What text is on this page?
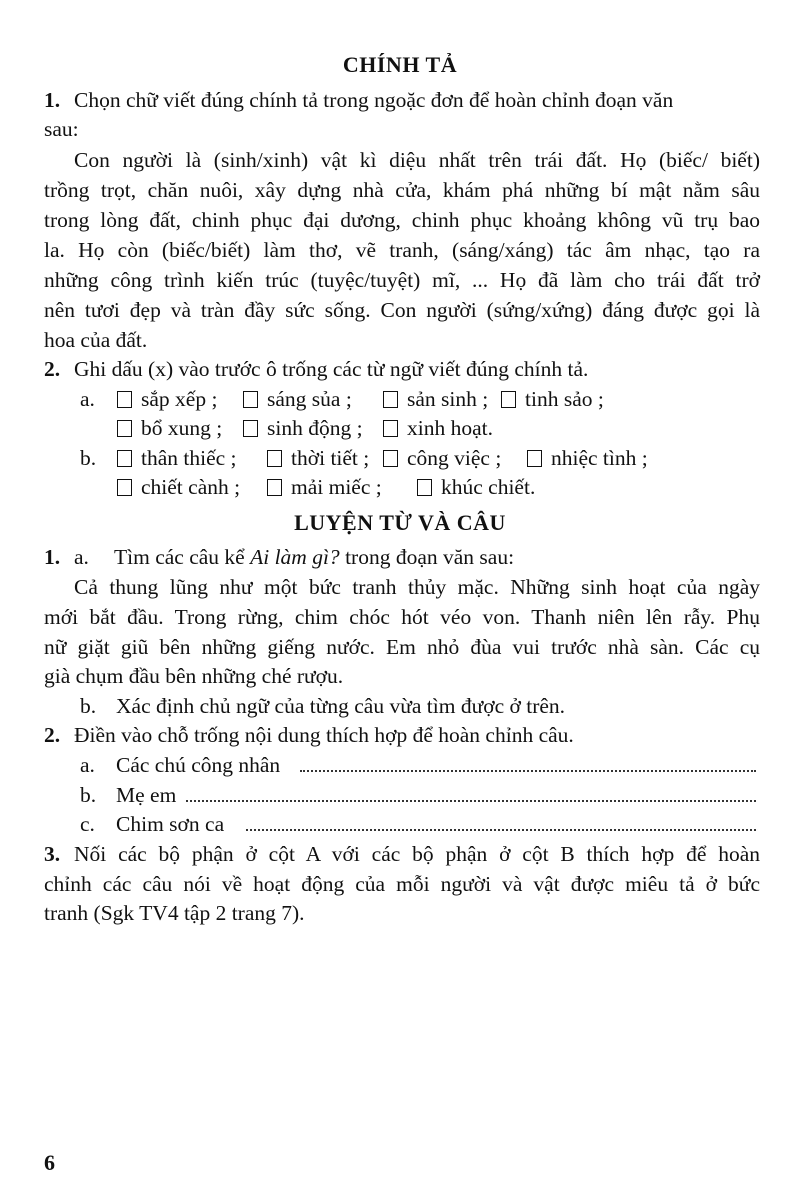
CHÍNH TẢ
1. Chọn chữ viết đúng chính tả trong ngoặc đơn để hoàn chỉnh đoạn văn
sau:
Con người là (sinh/xinh) vật kì diệu nhất trên trái đất. Họ (biếc/ biết)
trồng trọt, chăn nuôi, xây dựng nhà cửa, khám phá những bí mật nằm sâu
trong lòng đất, chinh phục đại dương, chinh phục khoảng không vũ trụ bao
la. Họ còn (biếc/biết) làm thơ, vẽ tranh, (sáng/xáng) tác âm nhạc, tạo ra
những công trình kiến trúc (tuyệc/tuyệt) mĩ, ... Họ đã làm cho trái đất trở
nên tươi đẹp và tràn đầy sức sống. Con người (sứng/xứng) đáng được gọi là
hoa của đất.
2. Ghi dấu (x) vào trước ô trống các từ ngữ viết đúng chính tả.
a.	sắp xếp ; sáng sủa ;	sản sinh ; tinh sảo ;
bổ xung ; sinh động ; xinh hoạt.
b.	thân thiếc ;	thời tiết ; công việc ; nhiệc tình ;
chiết cành ; mải miếc ;	khúc chiết.
LUYỆN TỪ VÀ CÂU
1. a. Tìm các câu kể Ai làm gì? trong đoạn văn sau:
Cả thung lũng như một bức tranh thủy mặc. Những sinh hoạt của ngày
mới bắt đầu. Trong rừng, chim chóc hót véo von. Thanh niên lên rẫy. Phụ
nữ giặt giũ bên những giếng nước. Em nhỏ đùa vui trước nhà sàn. Các cụ
già chụm đầu bên những ché rượu.
b. Xác định chủ ngữ của từng câu vừa tìm được ở trên.
2. Điền vào chỗ trống nội dung thích hợp để hoàn chỉnh câu.
a. Các chú công nhân
b. Mẹ em
c. Chim sơn ca
3. Nối các bộ phận ở cột A với các bộ phận ở cột B thích hợp để hoàn
chỉnh các câu nói về hoạt động của mỗi người và vật được miêu tả ở bức
tranh (Sgk TV4 tập 2 trang 7).
6
